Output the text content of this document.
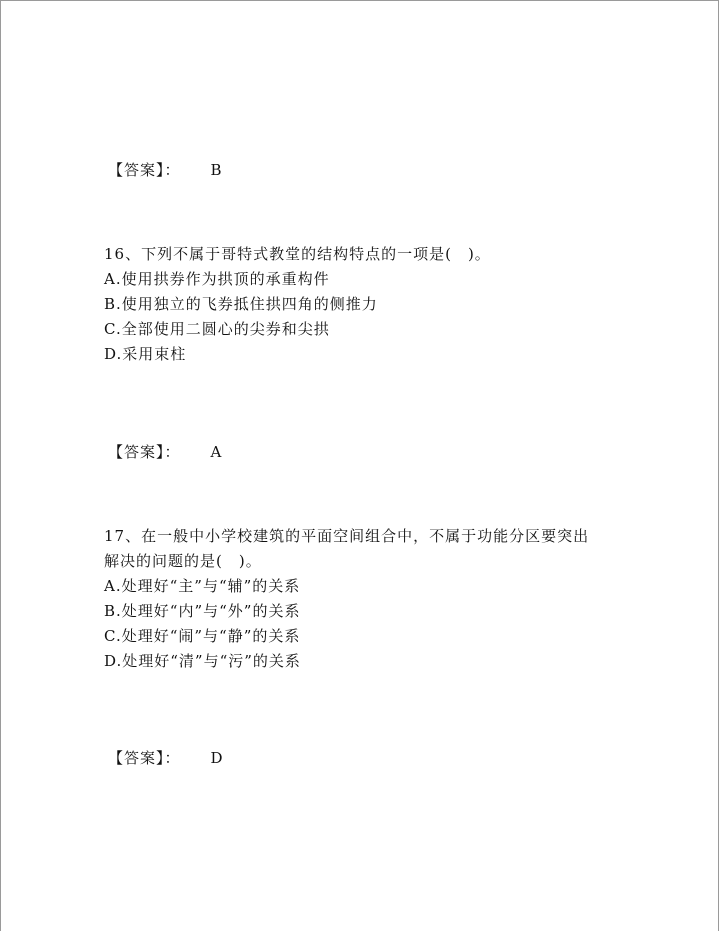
【答案】： B
16、下列不属于哥特式教堂的结构特点的一项是(　)。
A.使用拱券作为拱顶的承重构件
B.使用独立的飞券抵住拱四角的侧推力
C.全部使用二圆心的尖券和尖拱
D.采用束柱
【答案】： A
17、在一般中小学校建筑的平面空间组合中，不属于功能分区要突出
解决的问题的是(　)。
A.处理好“主”与“辅”的关系
B.处理好“内”与“外”的关系
C.处理好“闹”与“静”的关系
D.处理好“清”与“污”的关系
【答案】： D
